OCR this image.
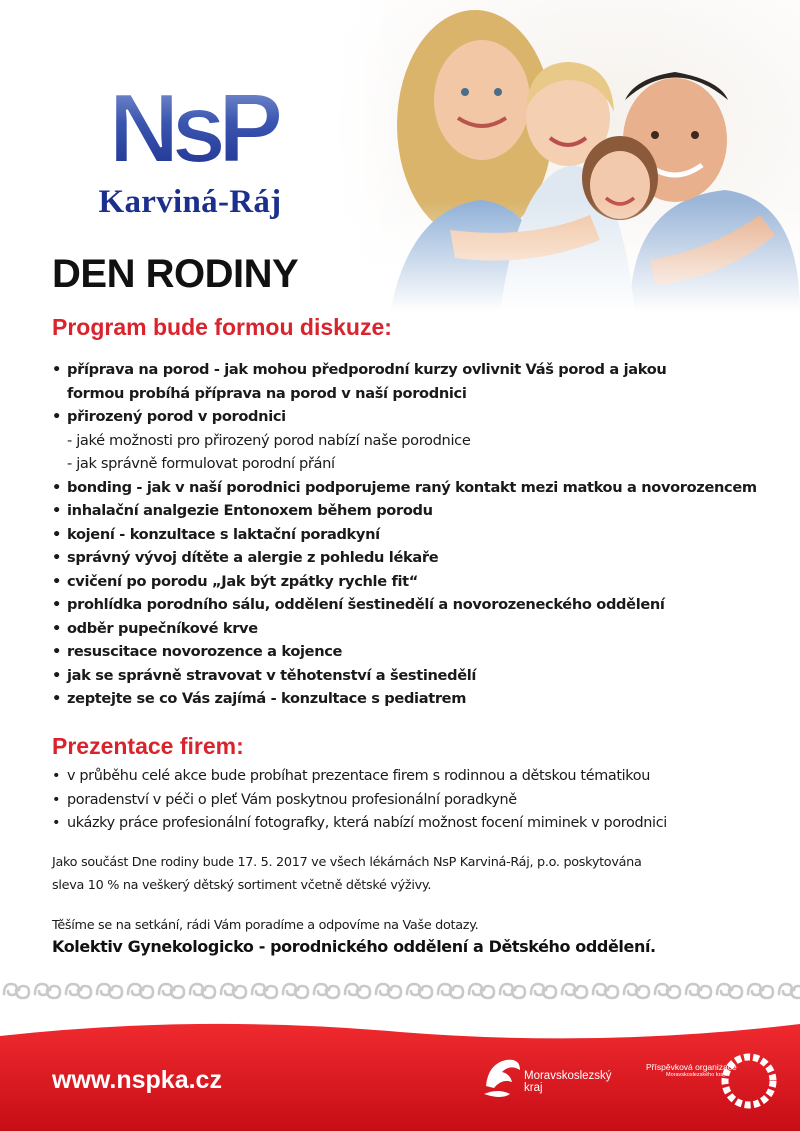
NsP
Karviná-Ráj
DEN RODINY
Program bude formou diskuze:
• příprava na porod - jak mohou předporodní kurzy ovlivnit Váš porod a jakou
formou probíhá příprava na porod v naší porodnici
• přirozený porod v porodnici
- jaké možnosti pro přirozený porod nabízí naše porodnice
- jak správně formulovat porodní přání
• bonding - jak v naší porodnici podporujeme raný kontakt mezi matkou a novorozencem
• inhalační analgezie Entonoxem během porodu
• kojení - konzultace s laktační poradkyní
• správný vývoj dítěte a alergie z pohledu lékaře
• cvičení po porodu „Jak být zpátky rychle fit“
• prohlídka porodního sálu, oddělení šestinedělí a novorozeneckého oddělení
• odběr pupečníkové krve
• resuscitace novorozence a kojence
• jak se správně stravovat v těhotenství a šestinedělí
• zeptejte se co Vás zajímá - konzultace s pediatrem
Prezentace firem:
• v průběhu celé akce bude probíhat prezentace firem s rodinnou a dětskou tématikou
• poradenství v péči o pleť Vám poskytnou profesionální poradkyně
• ukázky práce profesionální fotografky, která nabízí možnost focení miminek v porodnici
Jako součást Dne rodiny bude 17. 5. 2017 ve všech lékárnách NsP Karviná-Ráj, p.o. poskytována
sleva 10 % na veškerý dětský sortiment včetně dětské výživy.
Těšíme se na setkání, rádi Vám poradíme a odpovíme na Vaše dotazy.
Kolektiv Gynekologicko - porodnického oddělení a Dětského oddělení.
www.nspka.cz	Moravskoslezský
kraj
Příspěvková organizace
Moravskoslezského kraje
